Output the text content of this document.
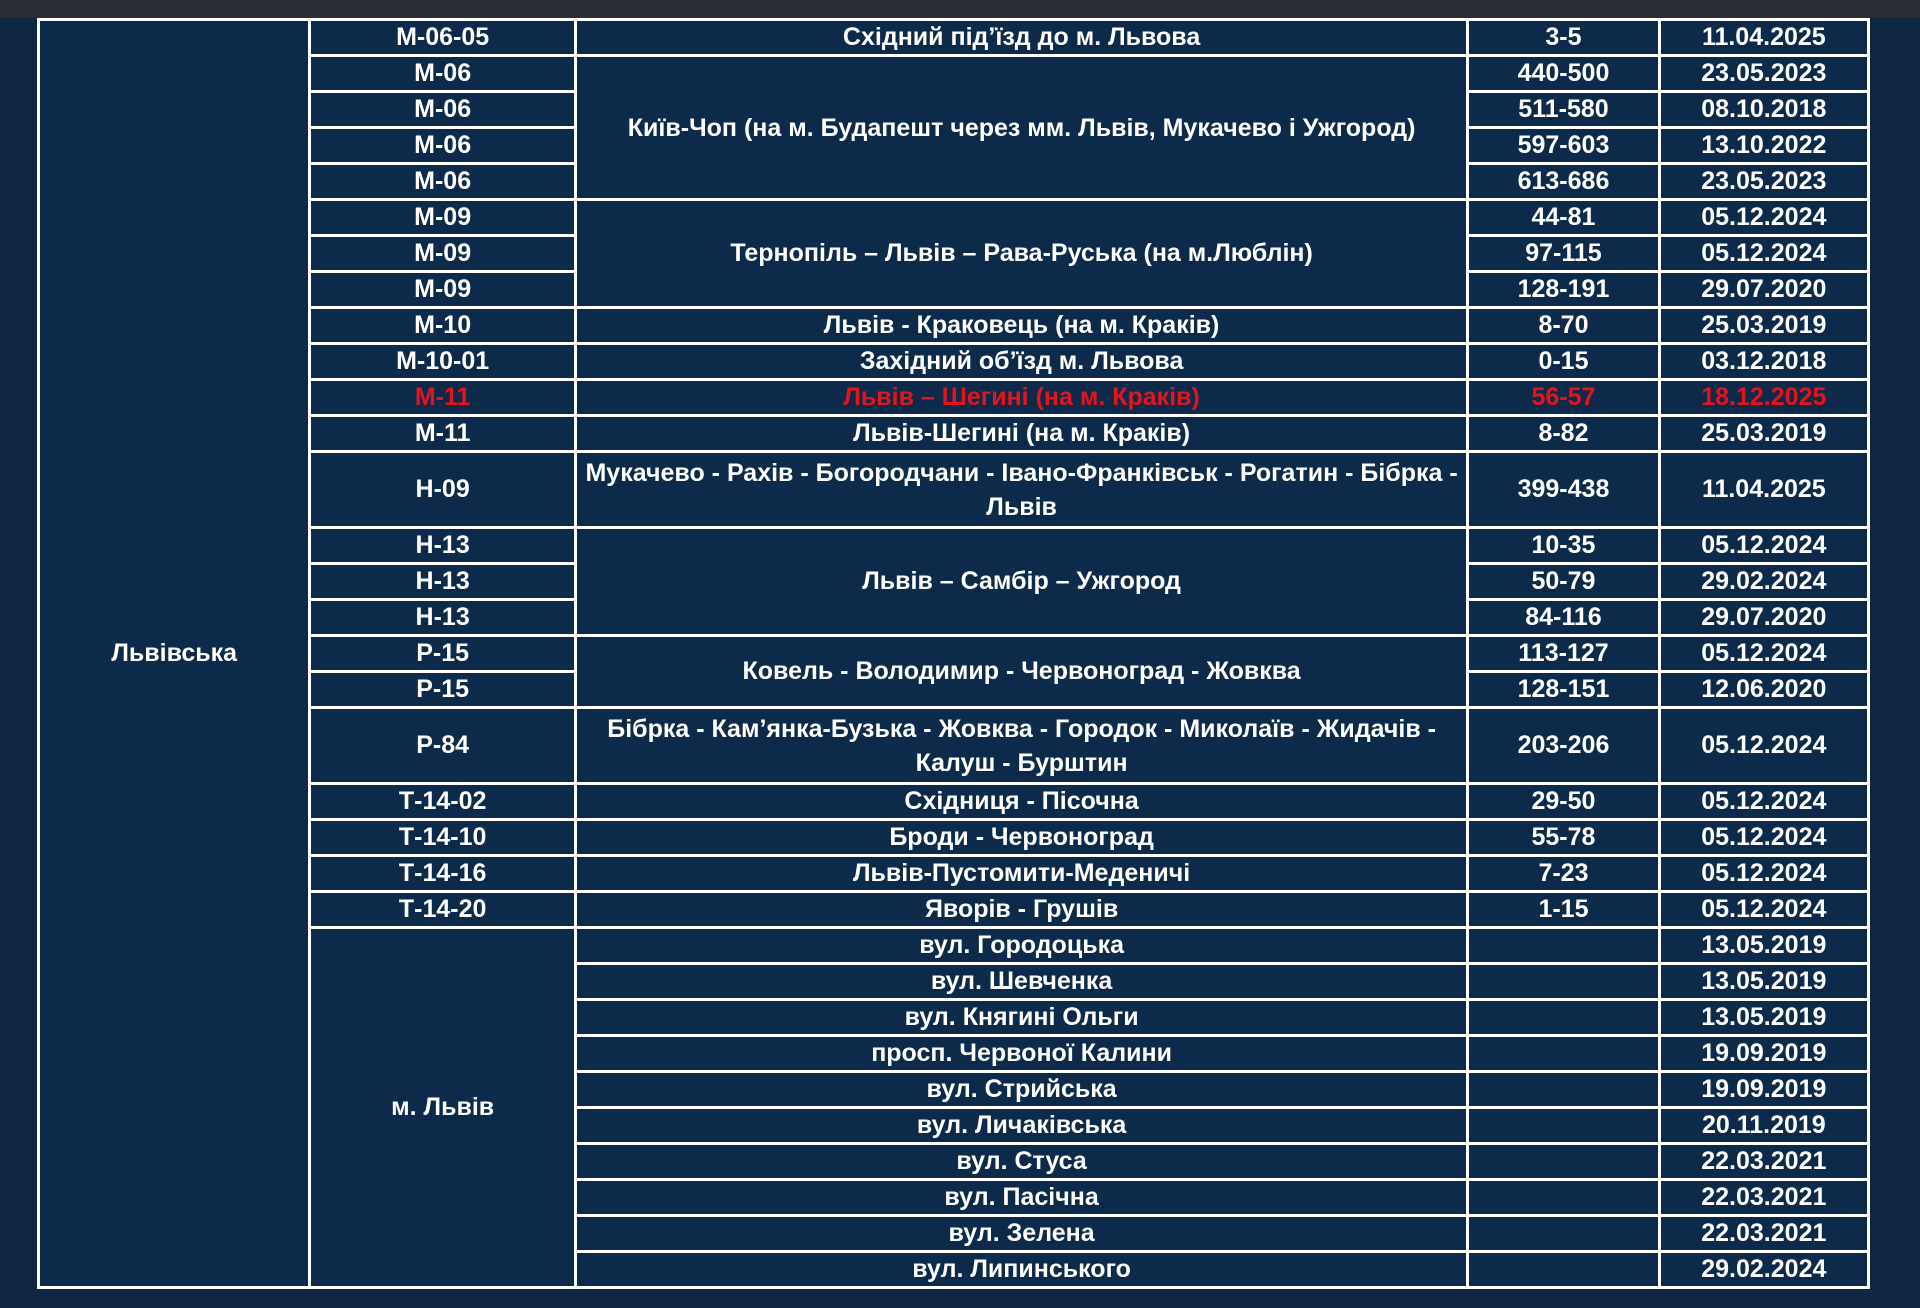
Львівська	М-06-05	Східний під’їзд до м. Львова	3-5	11.04.2025
	М-06	Київ-Чоп (на м. Будапешт через мм. Львів, Мукачево і Ужгород)	440-500	23.05.2023
	М-06		511-580	08.10.2018
	М-06		597-603	13.10.2022
	М-06		613-686	23.05.2023
	М-09	Тернопіль – Львів – Рава-Руська (на м.Люблін)	44-81	05.12.2024
	М-09		97-115	05.12.2024
	М-09		128-191	29.07.2020
	М-10	Львів - Краковець (на м. Краків)	8-70	25.03.2019
	М-10-01	Західний об’їзд м. Львова	0-15	03.12.2018
	М-11	Львів – Шегині (на м. Краків)	56-57	18.12.2025
	М-11	Львів-Шегині (на м. Краків)	8-82	25.03.2019
	Н-09	Мукачево - Рахів - Богородчани - Івано-Франківськ - Рогатин - Бібрка - Львів	399-438	11.04.2025
	Н-13	Львів – Самбір – Ужгород	10-35	05.12.2024
	Н-13		50-79	29.02.2024
	Н-13		84-116	29.07.2020
	Р-15	Ковель - Володимир - Червоноград - Жовква	113-127	05.12.2024
	Р-15		128-151	12.06.2020
	Р-84	Бібрка - Кам’янка-Бузька - Жовква - Городок - Миколаїв - Жидачів - Калуш - Бурштин	203-206	05.12.2024
	Т-14-02	Східниця - Пісочна	29-50	05.12.2024
	Т-14-10	Броди - Червоноград	55-78	05.12.2024
	Т-14-16	Львів-Пустомити-Меденичі	7-23	05.12.2024
	Т-14-20	Яворів - Грушів	1-15	05.12.2024
	м. Львів	вул. Городоцька		13.05.2019
		вул. Шевченка		13.05.2019
		вул. Княгині Ольги		13.05.2019
		просп. Червоної Калини		19.09.2019
		вул. Стрийська		19.09.2019
		вул. Личаківська		20.11.2019
		вул. Стуса		22.03.2021
		вул. Пасічна		22.03.2021
		вул. Зелена		22.03.2021
		вул. Липинського		29.02.2024
